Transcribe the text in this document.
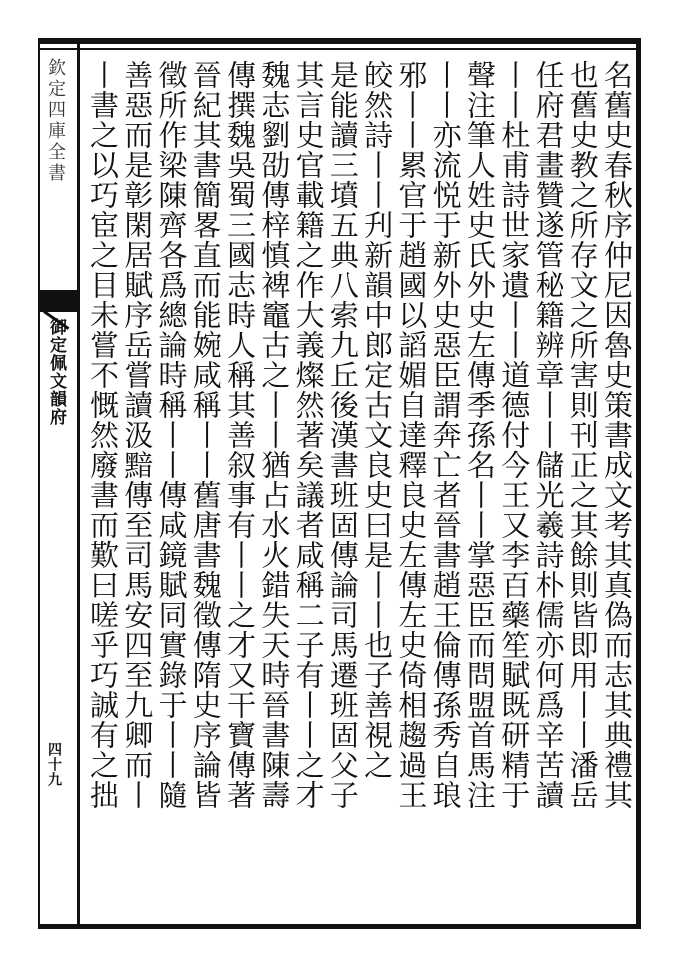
欽定四庫全書
御定佩文韻府
四十九	名舊史春秋序仲尼因魯史策書成文考其真偽而志其典禮其
也舊史教之所存文之所害則刊正之其餘則皆即用丨丨潘岳
任府君畫贊遂管秘籍辨章丨丨儲光羲詩朴儒亦何爲辛苦讀
丨丨杜甫詩世家遺丨丨道德付今王又李百藥笙賦既研精于
聲注筆人姓史氏外史左傳季孫名丨丨掌惡臣而問盟首馬注
丨丨亦流悦于新外史惡臣謂奔亡者晉書趙王倫傳孫秀自琅
邪丨丨累官于趙國以謟媚自達釋良史左傳左史倚相趨過王
皎然詩丨丨刋新韻中郎定古文良史曰是丨丨也子善視之
是能讀三墳五典八索九丘後漢書班固傳論司馬遷班固父子
其言史官載籍之作大義燦然著矣議者咸稱二子有丨丨之才
魏志劉劭傳梓慎裨竈古之丨丨猶占水火錯失天時晉書陳壽
傳撰魏吳蜀三國志時人稱其善叙事有丨丨之才又干寶傳著
晉紀其書簡畧直而能婉咸稱丨丨舊唐書魏徵傳隋史序論皆
徵所作梁陳齊各爲總論時稱丨丨傳咸鏡賦同實錄于丨丨隨
善惡而是彰閑居賦序岳嘗讀汲黯傳至司馬安四至九卿而丨
丨書之以巧宦之目未嘗不慨然廢書而歎曰嗟乎巧誠有之拙
